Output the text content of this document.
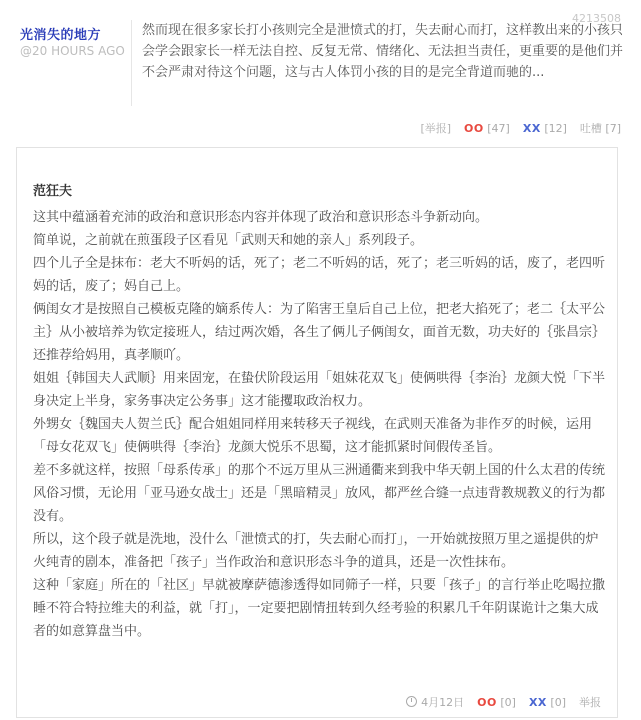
光消失的地方
@20 HOURS AGO
4213508
然而现在很多家长打小孩则完全是泄愤式的打，失去耐心而打，这样教出来的小孩只会学会跟家长一样无法自控、反复无常、情绪化、无法担当责任，更重要的是他们并不会严肃对待这个问题，这与古人体罚小孩的目的是完全背道而驰的...
[举报] OO [47] XX [12] 吐槽 [7]
范狂夫

这其中蕴涵着充沛的政治和意识形态内容并体现了政治和意识形态斗争新动向。

简单说，之前就在煎蛋段子区看见「武则天和她的亲人」系列段子。

四个儿子全是抹布：老大不听妈的话，死了；老二不听妈的话，死了；老三听妈的话，废了，老四听妈的话，废了；妈自己上。

俩闺女才是按照自己模板克隆的嫡系传人：为了陷害王皇后自己上位，把老大掐死了；老二｛太平公主｝从小被培养为钦定接班人，结过两次婚，各生了俩儿子俩闺女，面首无数，功夫好的｛张昌宗｝还推荐给妈用，真孝顺吖。

姐姐｛韩国夫人武顺｝用来固宠，在蛰伏阶段运用「姐妹花双飞」使俩哄得｛李治｝龙颜大悦「下半身决定上半身，家务事决定公务事」这才能攫取政治权力。

外甥女｛魏国夫人贺兰氏｝配合姐姐同样用来转移天子视线，在武则天准备为非作歹的时候，运用「母女花双飞」使俩哄得｛李治｝龙颜大悦乐不思蜀，这才能抓紧时间假传圣旨。

差不多就这样，按照「母系传承」的那个不远万里从三洲通衢来到我中华天朝上国的什么太君的传统风俗习惯，无论用「亚马逊女战士」还是「黑暗精灵」放风，都严丝合缝一点违背教规教义的行为都没有。

所以，这个段子就是洗地，没什么「泄愤式的打，失去耐心而打」，一开始就按照万里之遥提供的炉火纯青的剧本，准备把「孩子」当作政治和意识形态斗争的道具，还是一次性抹布。

这种「家庭」所在的「社区」早就被摩萨德渗透得如同筛子一样，只要「孩子」的言行举止吃喝拉撒睡不符合特拉维夫的利益，就「打」，一定要把剧情扭转到久经考验的积累几千年阴谋诡计之集大成者的如意算盘当中。

4月12日 OO [0] XX [0] 举报
